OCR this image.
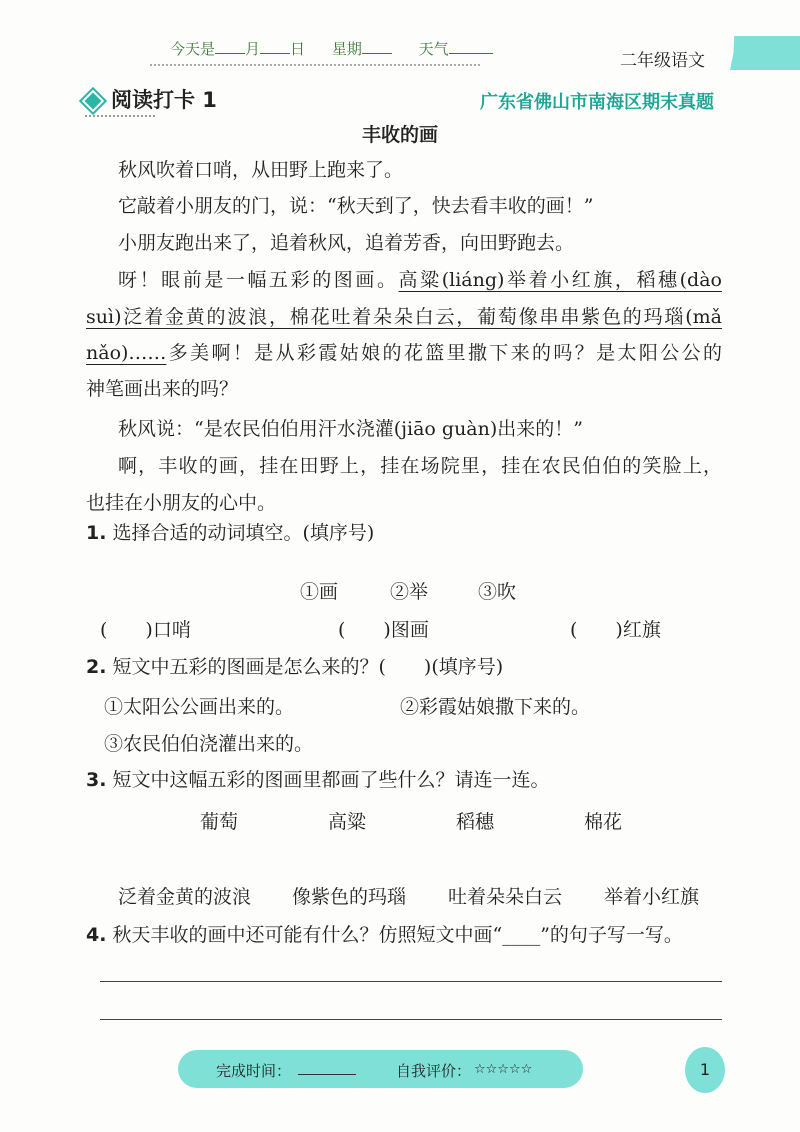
今天是 月 日 星期	天气
二年级语文
阅读打卡 1	广东省佛山市南海区期末真题
丰收的画
秋风吹着口哨，从田野上跑来了。
它敲着小朋友的门，说：“秋天到了，快去看丰收的画！”
小朋友跑出来了，追着秋风，追着芳香，向田野跑去。
呀！眼前是一幅五彩的图画。高粱(liáng)举着小红旗，稻穗(dào
suì)泛着金黄的波浪，棉花吐着朵朵白云，葡萄像串串紫色的玛瑙(mǎ
nǎo)……多美啊！是从彩霞姑娘的花篮里撒下来的吗？是太阳公公的
神笔画出来的吗？
秋风说：“是农民伯伯用汗水浇灌(jiāo guàn)出来的！”
啊，丰收的画，挂在田野上，挂在场院里，挂在农民伯伯的笑脸上，
也挂在小朋友的心中。
1. 选择合适的动词填空。(填序号)
①画	②举	③吹
(　　)口哨	(　　)图画	(　　)红旗
2. 短文中五彩的图画是怎么来的？(　　)(填序号)
①太阳公公画出来的。	②彩霞姑娘撒下来的。
③农民伯伯浇灌出来的。
3. 短文中这幅五彩的图画里都画了些什么？请连一连。
葡萄	高粱	稻穗	棉花
泛着金黄的波浪 像紫色的玛瑙 吐着朵朵白云 举着小红旗
4. 秋天丰收的画中还可能有什么？仿照短文中画“____”的句子写一写。
完成时间：	自我评价： ☆☆☆☆☆	1
